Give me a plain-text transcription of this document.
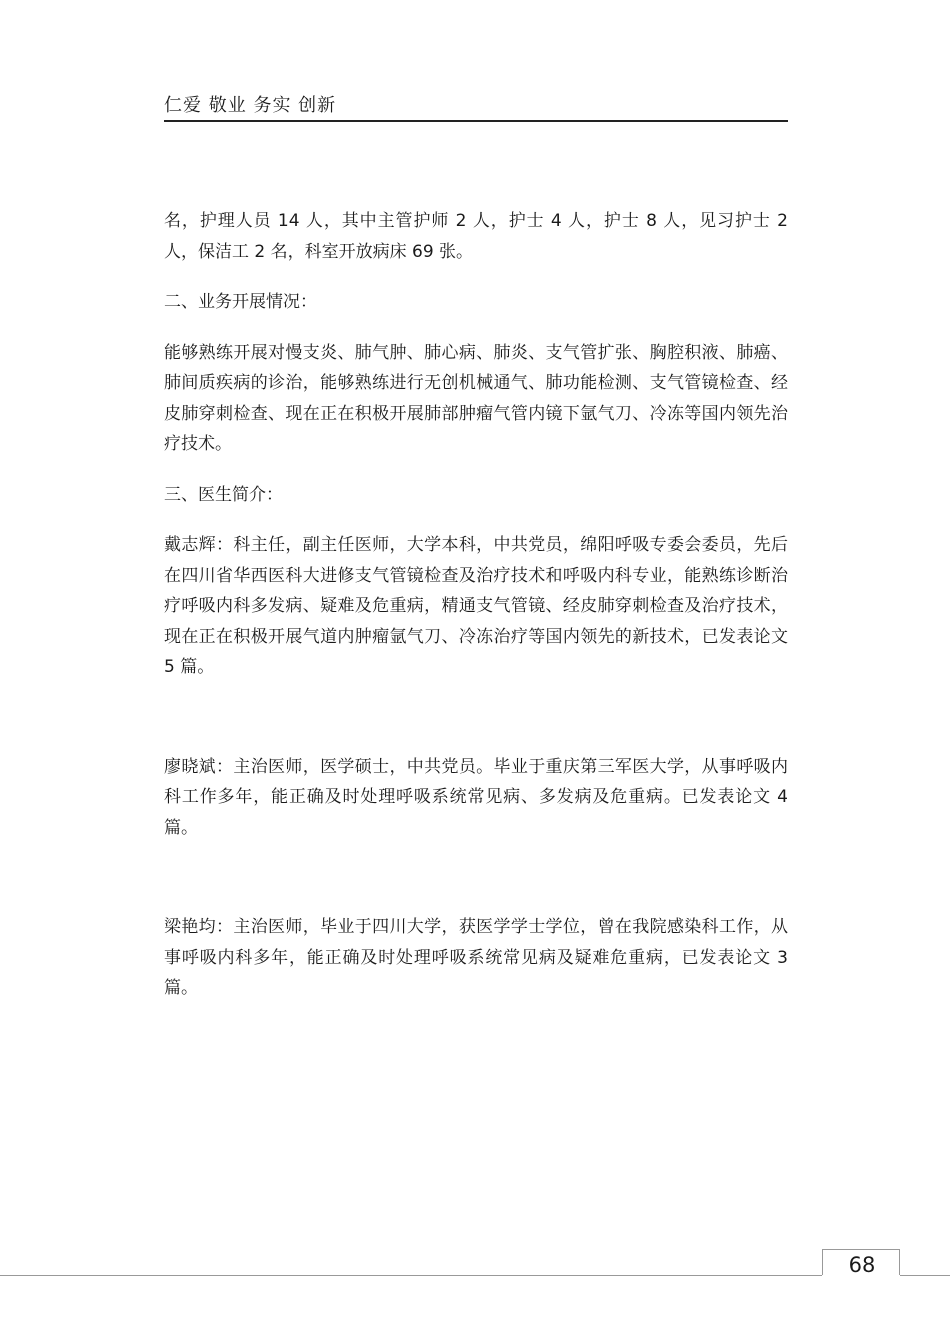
仁爱 敬业 务实 创新

名，护理人员 14 人，其中主管护师 2 人，护士 4 人，护士 8 人，见习护士 2 人，保洁工 2 名，科室开放病床 69 张。

二、业务开展情况：

能够熟练开展对慢支炎、肺气肿、肺心病、肺炎、支气管扩张、胸腔积液、肺癌、肺间质疾病的诊治，能够熟练进行无创机械通气、肺功能检测、支气管镜检查、经皮肺穿刺检查、现在正在积极开展肺部肿瘤气管内镜下氩气刀、冷冻等国内领先治疗技术。

三、医生简介：

戴志辉：科主任，副主任医师，大学本科，中共党员，绵阳呼吸专委会委员，先后在四川省华西医科大进修支气管镜检查及治疗技术和呼吸内科专业，能熟练诊断治疗呼吸内科多发病、疑难及危重病，精通支气管镜、经皮肺穿刺检查及治疗技术，现在正在积极开展气道内肿瘤氩气刀、冷冻治疗等国内领先的新技术，已发表论文 5 篇。

廖晓斌：主治医师，医学硕士，中共党员。毕业于重庆第三军医大学，从事呼吸内科工作多年，能正确及时处理呼吸系统常见病、多发病及危重病。已发表论文 4 篇。

梁艳均：主治医师，毕业于四川大学，获医学学士学位，曾在我院感染科工作，从事呼吸内科多年，能正确及时处理呼吸系统常见病及疑难危重病，已发表论文 3 篇。

68
